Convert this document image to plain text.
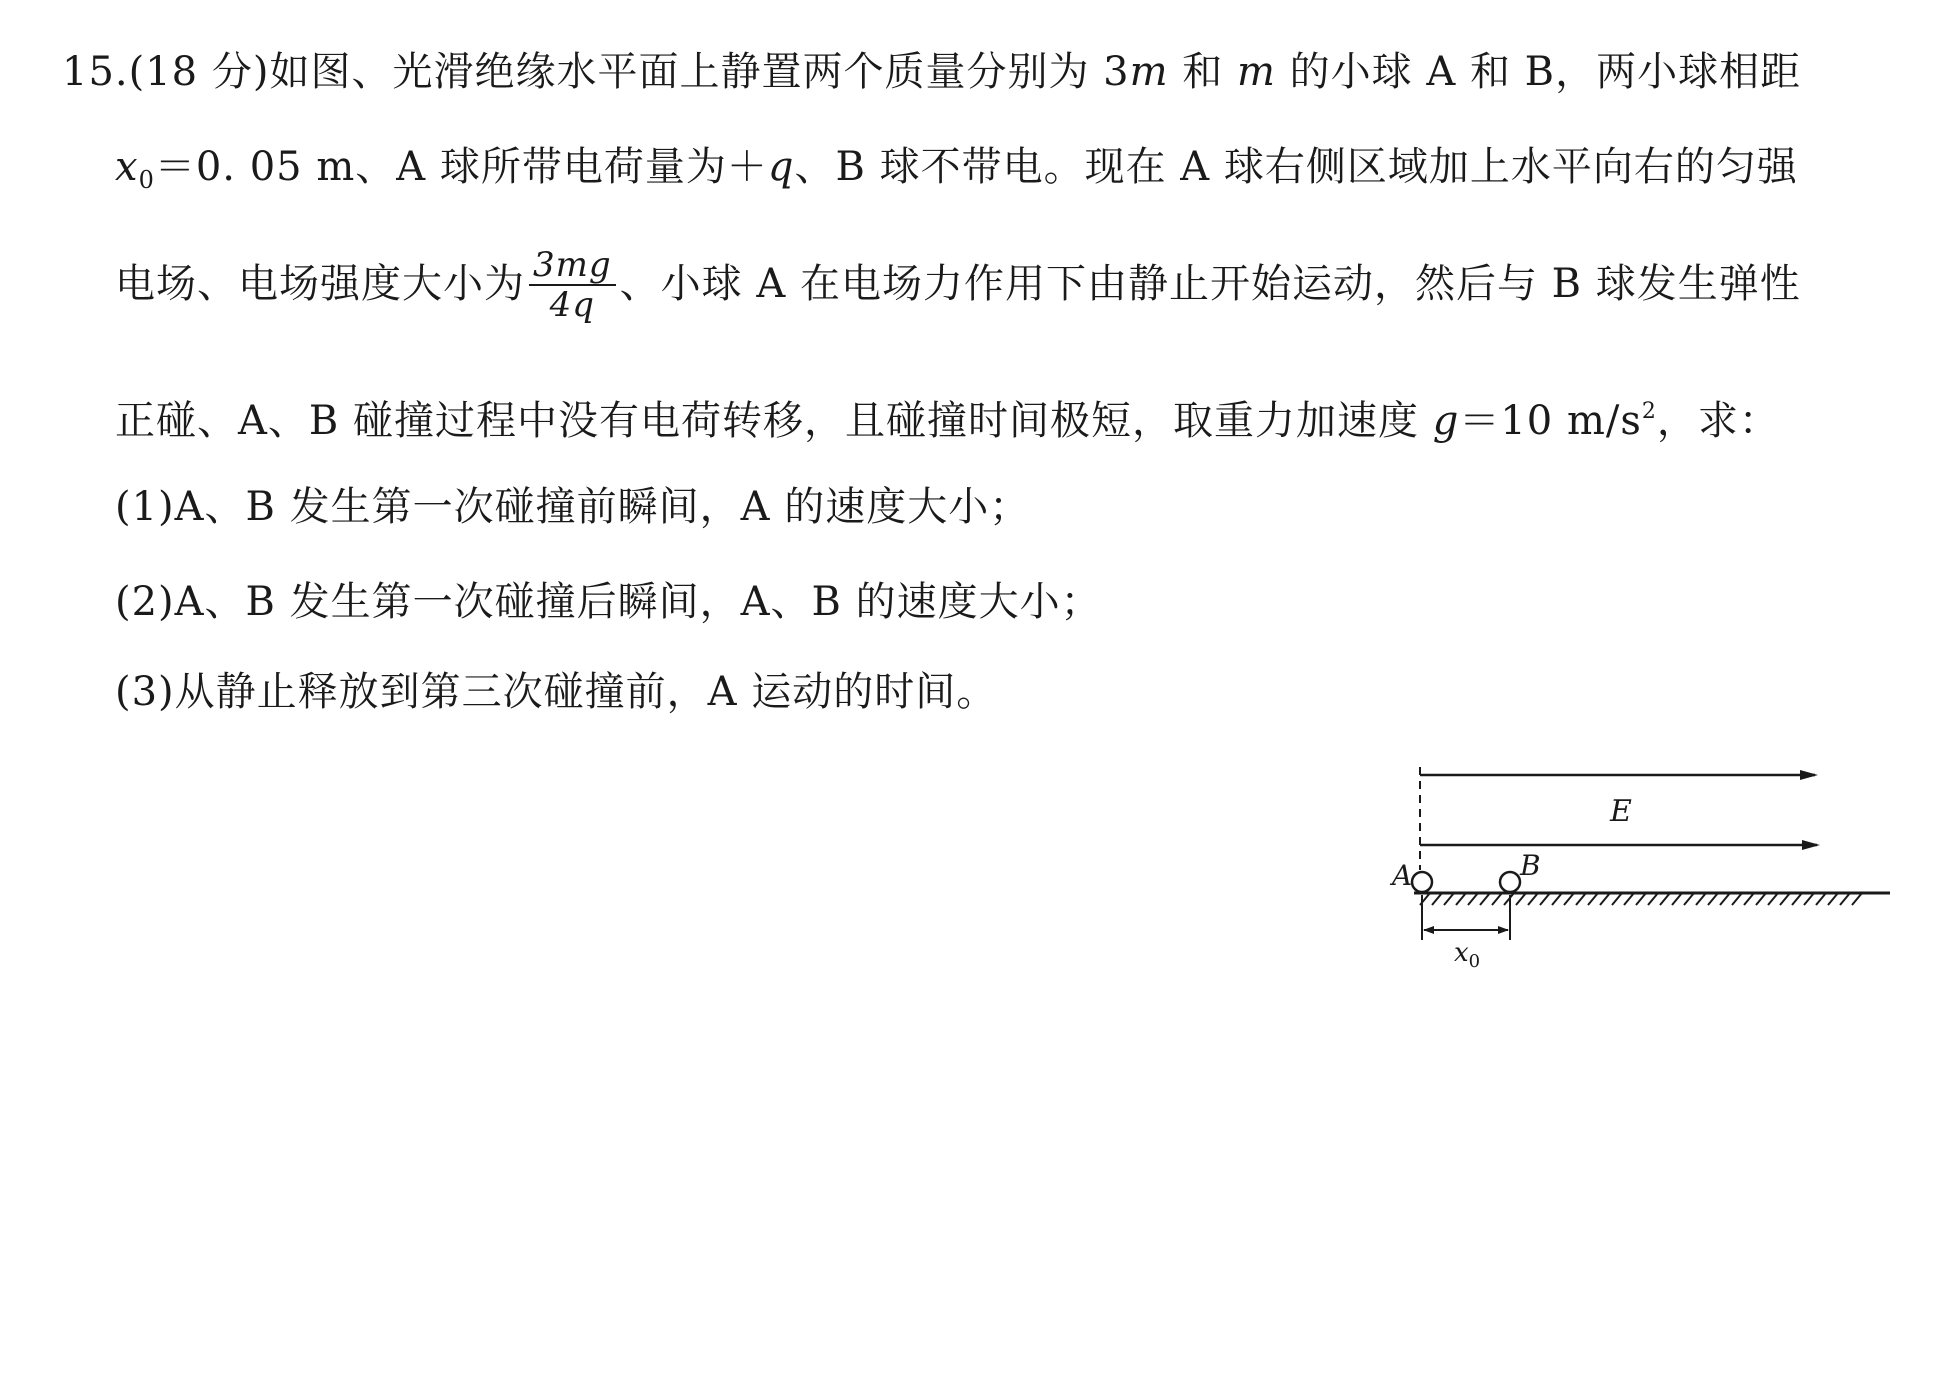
15.(18 分)如图、光滑绝缘水平面上静置两个质量分别为 3m 和 m 的小球 A 和 B，两小球相距
$x_0=0$. 05 m、A 球所带电荷量为＋q、B 球不带电。现在 A 球右侧区域加上水平向右的匀强
电场、电场强度大小为 $\frac{3mg}{4q}$ 、小球 A 在电场力作用下由静止开始运动，然后与 B 球发生弹性
正碰、A、B 碰撞过程中没有电荷转移，且碰撞时间极短，取重力加速度 g＝10 $m/s^2$，求：
(1)A、B 发生第一次碰撞前瞬间，A 的速度大小；
(2)A、B 发生第一次碰撞后瞬间，A、B 的速度大小；
(3)从静止释放到第三次碰撞前，A 运动的时间。
E
A	B
$x_0$
